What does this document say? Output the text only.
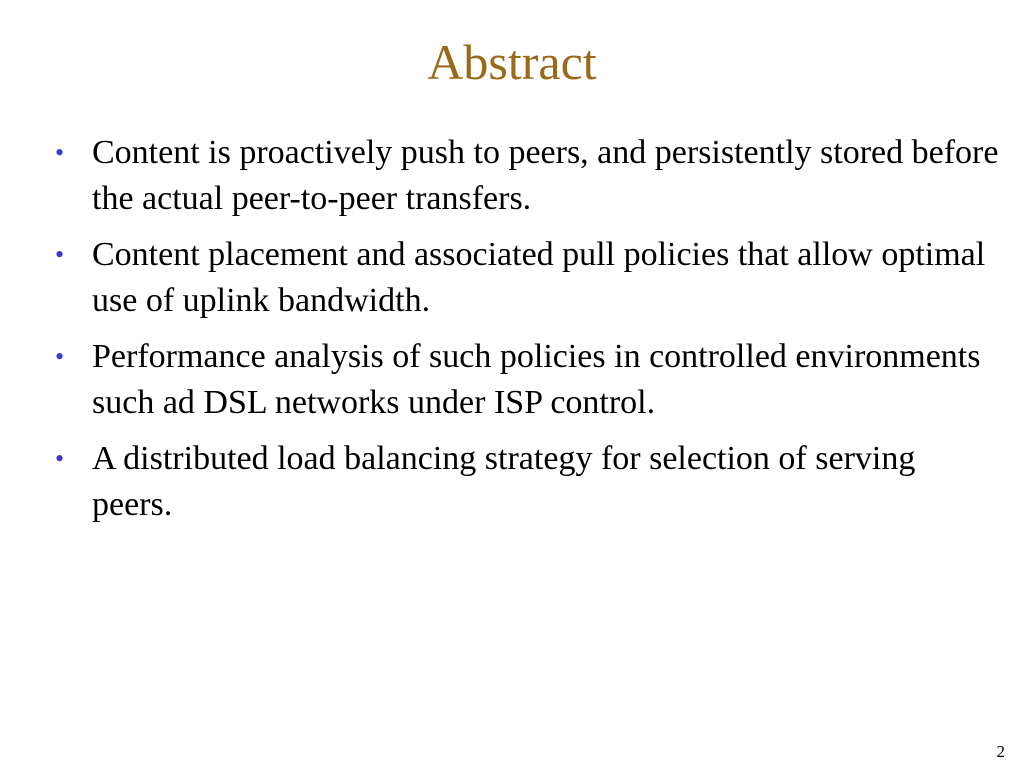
Abstract
• Content is proactively push to peers, and persistently stored before the actual peer-to-peer transfers.
• Content placement and associated pull policies that allow optimal use of uplink bandwidth.
• Performance analysis of such policies in controlled environments such ad DSL networks under ISP control.
• A distributed load balancing strategy for selection of serving peers.
2
